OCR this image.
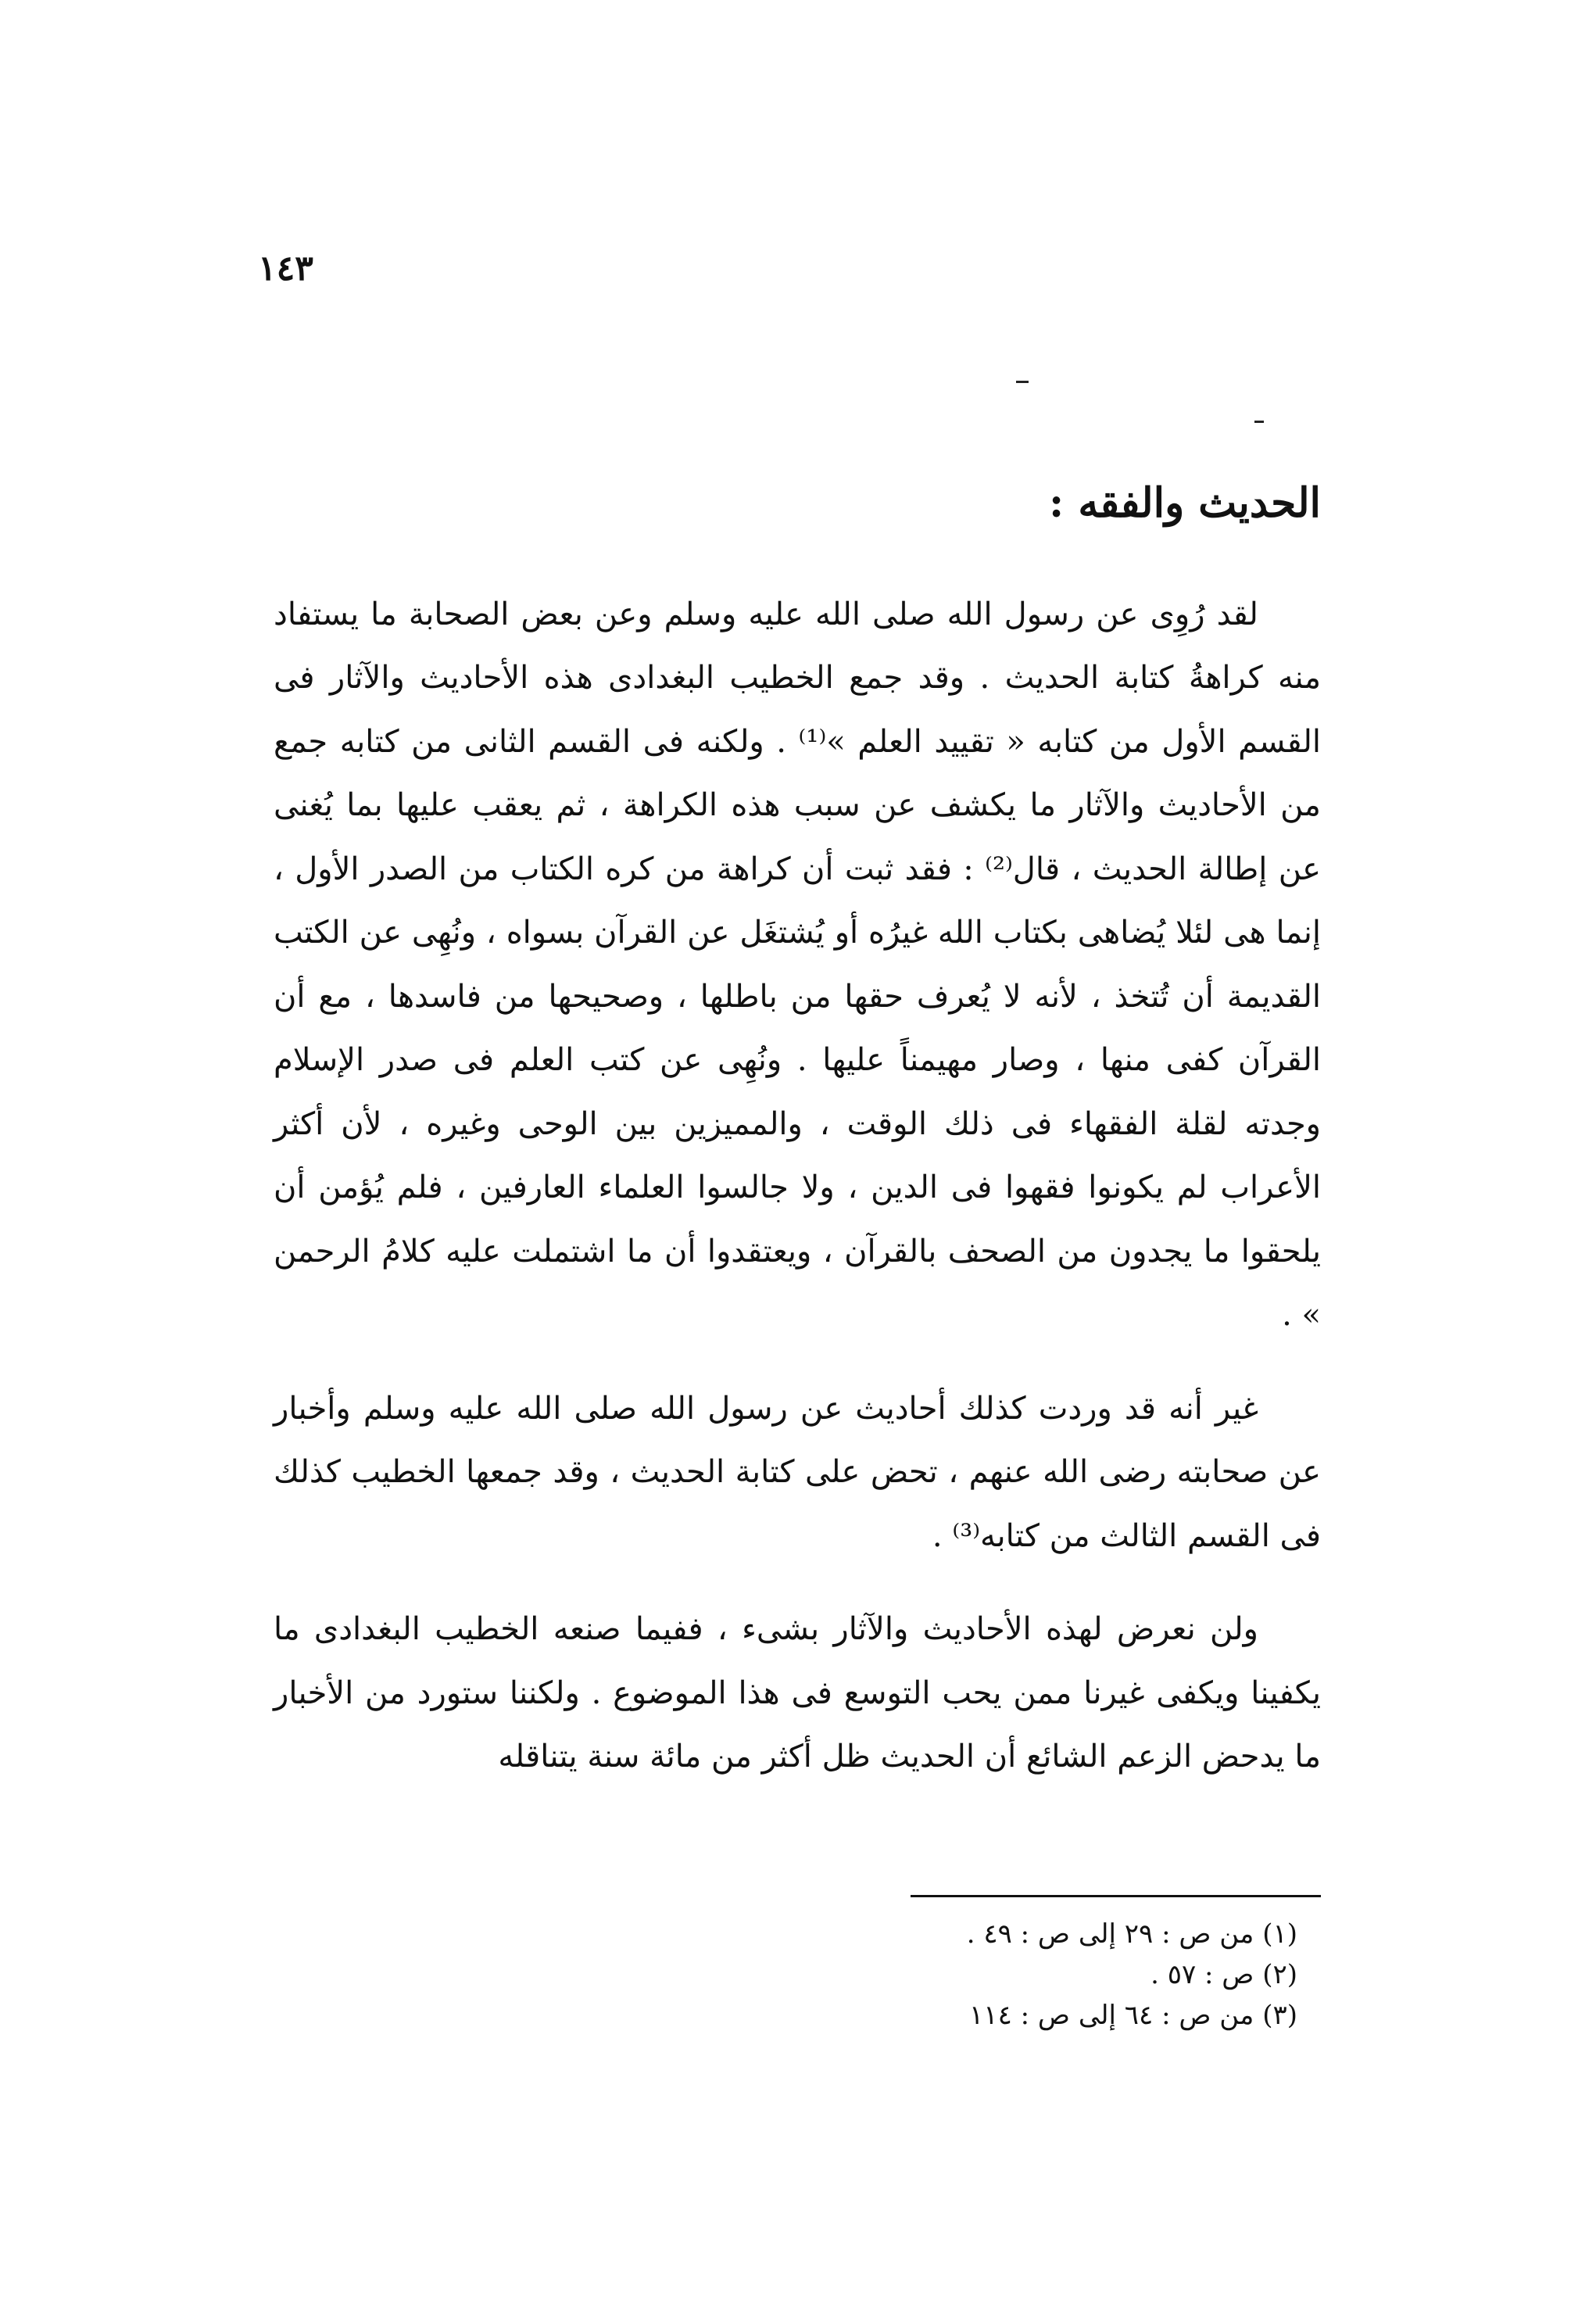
١٤٣
الحديث والفقه :

لقد رُوِى عن رسول الله صلى الله عليه وسلم وعن بعض الصحابة ما يستفاد منه كراهةُ كتابة الحديث . وقد جمع الخطيب البغدادى هذه الأحاديث والآثار فى القسم الأول من كتابه « تقييد العلم »⁽¹⁾ . ولكنه فى القسم الثانى من كتابه جمع من الأحاديث والآثار ما يكشف عن سبب هذه الكراهة ، ثم يعقب عليها بما يُغنى عن إطالة الحديث ، قال⁽²⁾ : فقد ثبت أن كراهة من كره الكتاب من الصدر الأول ، إنما هى لئلا يُضاهى بكتاب الله غيرُه أو يُشتغَل عن القرآن بسواه ، ونُهِى عن الكتب القديمة أن تُتخذ ، لأنه لا يُعرف حقها من باطلها ، وصحيحها من فاسدها ، مع أن القرآن كفى منها ، وصار مهيمناً عليها . ونُهِى عن كتب العلم فى صدر الإسلام وجدته لقلة الفقهاء فى ذلك الوقت ، والمميزين بين الوحى وغيره ، لأن أكثر الأعراب لم يكونوا فقهوا فى الدين ، ولا جالسوا العلماء العارفين ، فلم يُؤمن أن يلحقوا ما يجدون من الصحف بالقرآن ، ويعتقدوا أن ما اشتملت عليه كلامُ الرحمن » .

غير أنه قد وردت كذلك أحاديث عن رسول الله صلى الله عليه وسلم وأخبار عن صحابته رضى الله عنهم ، تحض على كتابة الحديث ، وقد جمعها الخطيب كذلك فى القسم الثالث من كتابه⁽³⁾ .

ولن نعرض لهذه الأحاديث والآثار بشىء ، ففيما صنعه الخطيب البغدادى ما يكفينا ويكفى غيرنا ممن يحب التوسع فى هذا الموضوع . ولكننا ستورد من الأخبار ما يدحض الزعم الشائع أن الحديث ظل أكثر من مائة سنة يتناقله

(١) من ص : ٢٩ إلى ص : ٤٩ .
(٢) ص : ٥٧ .
(٣) من ص : ٦٤ إلى ص : ١١٤
